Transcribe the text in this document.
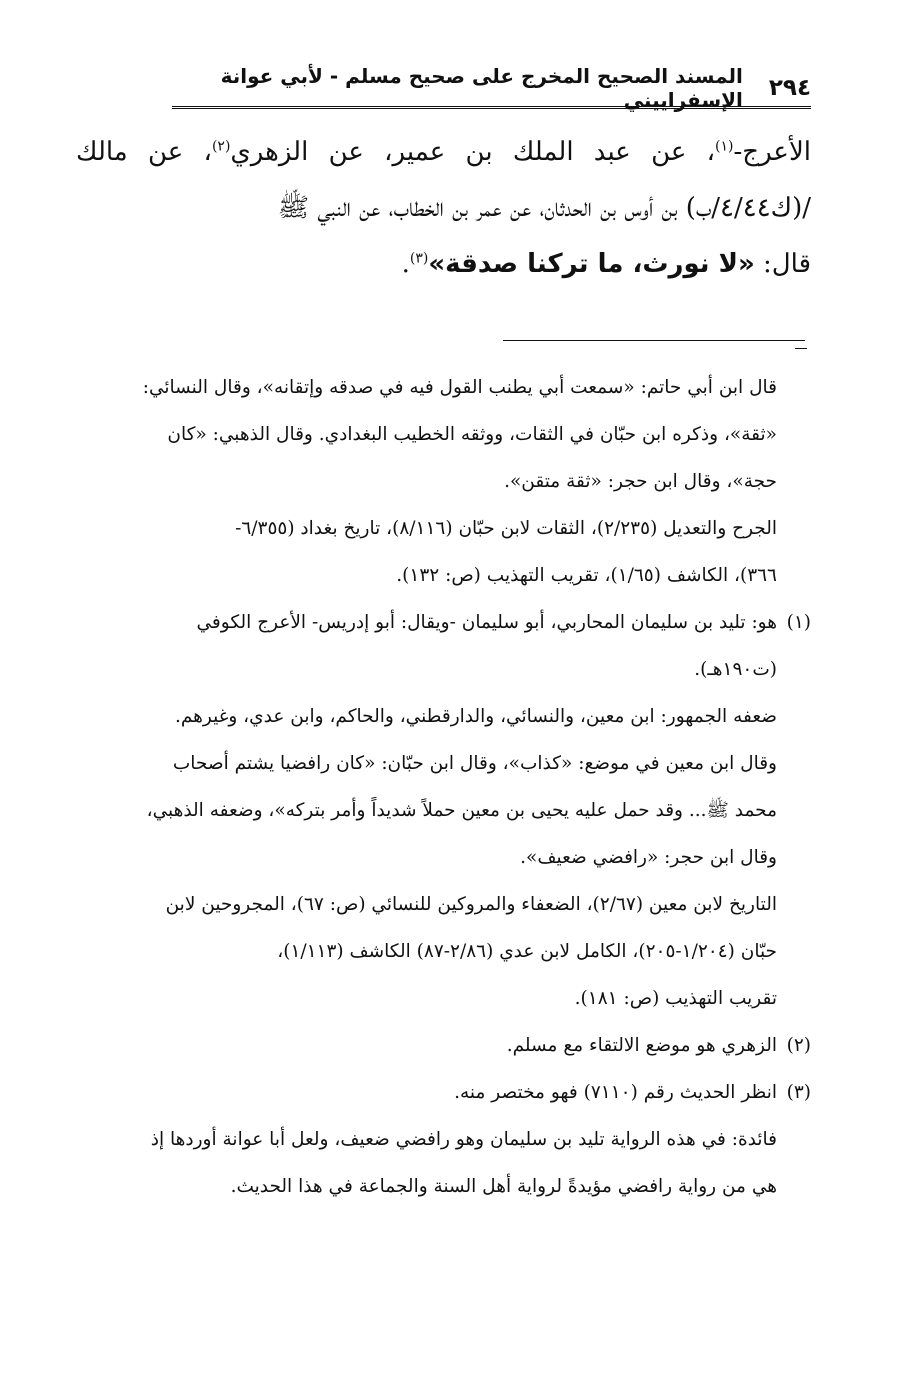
٢٩٤
المسند الصحيح المخرج على صحيح مسلم - لأبي عوانة الإسفراييني
الأعرج-$^{(١)}$، عن عبد الملك بن عمير، عن الزهري$^{(٢)}$، عن مالك
/(ك٤/٤٤/ب) بن أوس بن الحدثان، عن عمر بن الخطاب، عن النبي ﷺ
قال: «لا نورث، ما تركنا صدقة»$^{(٣)}$.
قال ابن أبي حاتم: «سمعت أبي يطنب القول فيه في صدقه وإتقانه»، وقال النسائي:
«ثقة»، وذكره ابن حبّان في الثقات، ووثقه الخطيب البغدادي. وقال الذهبي: «كان
حجة»، وقال ابن حجر: «ثقة متقن».
الجرح والتعديل (٢/٢٣٥)، الثقات لابن حبّان (٨/١١٦)، تاريخ بغداد (٦/٣٥٥-
٣٦٦)، الكاشف (١/٦٥)، تقريب التهذيب (ص: ١٣٢).
(١)هو: تليد بن سليمان المحاربي، أبو سليمان -ويقال: أبو إدريس- الأعرج الكوفي
(ت١٩٠هـ).
ضعفه الجمهور: ابن معين، والنسائي، والدارقطني، والحاكم، وابن عدي، وغيرهم.
وقال ابن معين في موضع: «كذاب»، وقال ابن حبّان: «كان رافضيا يشتم أصحاب
محمد ﷺ... وقد حمل عليه يحيى بن معين حملاً شديداً وأمر بتركه»، وضعفه الذهبي،
وقال ابن حجر: «رافضي ضعيف».
التاريخ لابن معين (٢/٦٧)، الضعفاء والمروكين للنسائي (ص: ٦٧)، المجروحين لابن
حبّان (١/٢٠٤-٢٠٥)، الكامل لابن عدي (٢/٨٦-٨٧) الكاشف (١/١١٣)،
تقريب التهذيب (ص: ١٨١).
(٢)الزهري هو موضع الالتقاء مع مسلم.
(٣)انظر الحديث رقم (٧١١٠) فهو مختصر منه.
فائدة: في هذه الرواية تليد بن سليمان وهو رافضي ضعيف، ولعل أبا عوانة أوردها إذ
هي من رواية رافضي مؤيدةً لرواية أهل السنة والجماعة في هذا الحديث.
